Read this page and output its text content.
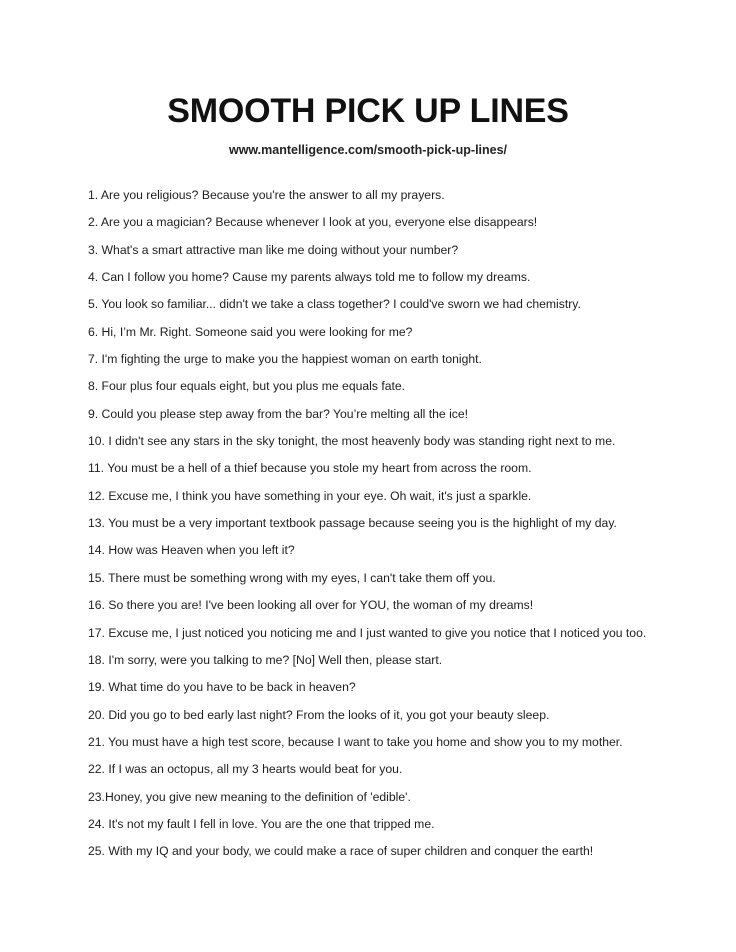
SMOOTH PICK UP LINES
www.mantelligence.com/smooth-pick-up-lines/
1. Are you religious? Because you're the answer to all my prayers.
2. Are you a magician? Because whenever I look at you, everyone else disappears!
3. What's a smart attractive man like me doing without your number?
4. Can I follow you home? Cause my parents always told me to follow my dreams.
5. You look so familiar... didn't we take a class together? I could've sworn we had chemistry.
6. Hi, I’m Mr. Right. Someone said you were looking for me?
7. I'm fighting the urge to make you the happiest woman on earth tonight.
8. Four plus four equals eight, but you plus me equals fate.
9. Could you please step away from the bar? You’re melting all the ice!
10. I didn't see any stars in the sky tonight, the most heavenly body was standing right next to me.
11. You must be a hell of a thief because you stole my heart from across the room.
12. Excuse me, I think you have something in your eye. Oh wait, it's just a sparkle.
13. You must be a very important textbook passage because seeing you is the highlight of my day.
14. How was Heaven when you left it?
15. There must be something wrong with my eyes, I can't take them off you.
16. So there you are! I've been looking all over for YOU, the woman of my dreams!
17. Excuse me, I just noticed you noticing me and I just wanted to give you notice that I noticed you too.
18. I'm sorry, were you talking to me? [No] Well then, please start.
19. What time do you have to be back in heaven?
20. Did you go to bed early last night? From the looks of it, you got your beauty sleep.
21. You must have a high test score, because I want to take you home and show you to my mother.
22. If I was an octopus, all my 3 hearts would beat for you.
23.Honey, you give new meaning to the definition of 'edible'.
24. It's not my fault I fell in love. You are the one that tripped me.
25. With my IQ and your body, we could make a race of super children and conquer the earth!
